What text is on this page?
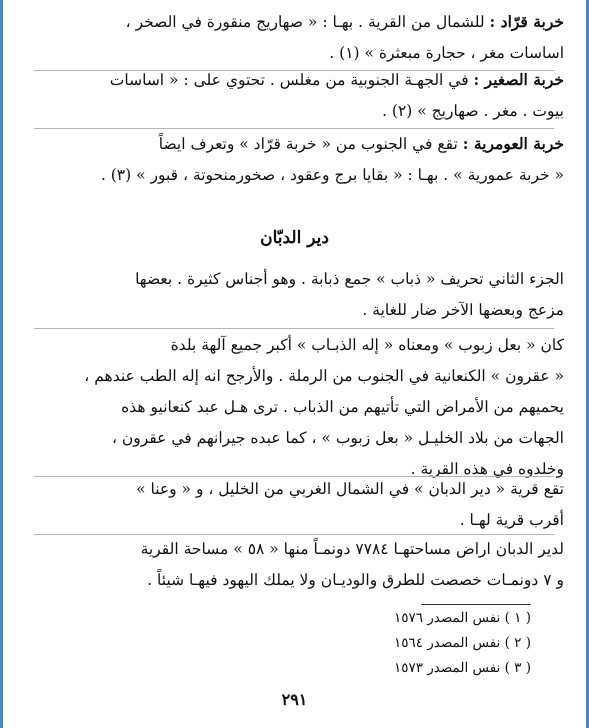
خربة قرّاد : للشمال من القرية . بهـا : « صهاريج منقورة في الصخر ،
اساسات مغر ، حجارة مبعثرة » (١) .
خربة الصغير : في الجهـة الجنوبية من مغلس . تحتوي على : « اساسات
بيوت . مغر . صهاريج » (٢) .
خربة العومرية : تقع في الجنوب من « خربة قرّاد » وتعرف ايضاً
« خربة عمورية » . بهـا : « بقايا برج وعقود ، صخورمنحوتة ، قبور » (٣) .
دير الدبّان
الجزء الثاني تحريف « ذباب » جمع ذبابة . وهو أجناس كثيرة . بعضها
مزعج وبعضها الآخر ضار للغاية .
كان « بعل زبوب » ومعناه « إله الذبـاب » أكبر جميع آلهة بلدة
« عقرون » الكنعانية في الجنوب من الرملة . والأرجح انه إله الطب عندهم ،
يحميهم من الأمراض التي تأتيهم من الذباب . ترى هـل عبد كنعانيو هذه
الجهات من بلاد الخليـل « بعل زبوب » ، كما عبده جيرانهم في عقرون ،
وخلدوه في هذه القرية .
تقع قرية « دير الدبان » في الشمال الغربي من الخليل ، و « وعنا »
أقرب قرية لهـا .
لدير الدبان اراض مساحتهـا ٧٧٨٤ دونمـاً منها « ٥٨ » مساحة القرية
و ٧ دونمـات خصصت للطرق والوديـان ولا يملك اليهود فيهـا شيئاً .
( ١ ) نفس المصدر ١٥٧٦
( ٢ ) نفس المصدر ١٥٦٤
( ٣ ) نفس المصدر ١٥٧٣
٢٩١
